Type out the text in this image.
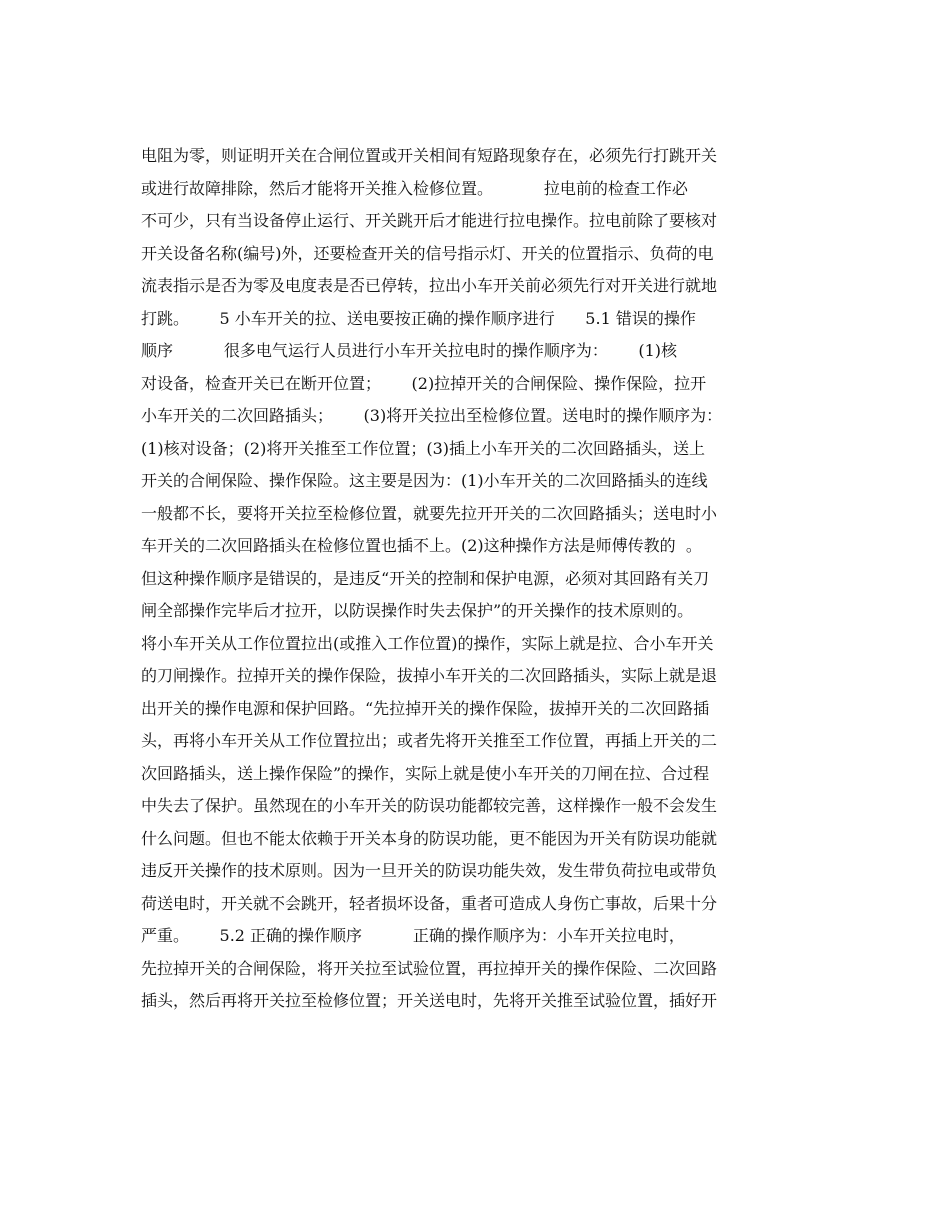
电阻为零，则证明开关在合闸位置或开关相间有短路现象存在，必须先行打跳开关
或进行故障排除，然后才能将开关推入检修位置。          拉电前的检查工作必
不可少，只有当设备停止运行、开关跳开后才能进行拉电操作。拉电前除了要核对
开关设备名称(编号)外，还要检查开关的信号指示灯、开关的位置指示、负荷的电
流表指示是否为零及电度表是否已停转，拉出小车开关前必须先行对开关进行就地
打跳。      5 小车开关的拉、送电要按正确的操作顺序进行      5.1 错误的操作
顺序          很多电气运行人员进行小车开关拉电时的操作顺序为：      (1)核
对设备，检查开关已在断开位置；      (2)拉掉开关的合闸保险、操作保险，拉开
小车开关的二次回路插头；      (3)将开关拉出至检修位置。送电时的操作顺序为：
(1)核对设备；(2)将开关推至工作位置；(3)插上小车开关的二次回路插头，送上
开关的合闸保险、操作保险。这主要是因为：(1)小车开关的二次回路插头的连线
一般都不长，要将开关拉至检修位置，就要先拉开开关的二次回路插头；送电时小
车开关的二次回路插头在检修位置也插不上。(2)这种操作方法是师傅传教的  。
但这种操作顺序是错误的，是违反“开关的控制和保护电源，必须对其回路有关刀
闸全部操作完毕后才拉开，以防误操作时失去保护”的开关操作的技术原则的。
将小车开关从工作位置拉出(或推入工作位置)的操作，实际上就是拉、合小车开关
的刀闸操作。拉掉开关的操作保险，拔掉小车开关的二次回路插头，实际上就是退
出开关的操作电源和保护回路。“先拉掉开关的操作保险，拔掉开关的二次回路插
头，再将小车开关从工作位置拉出；或者先将开关推至工作位置，再插上开关的二
次回路插头，送上操作保险”的操作，实际上就是使小车开关的刀闸在拉、合过程
中失去了保护。虽然现在的小车开关的防误功能都较完善，这样操作一般不会发生
什么问题。但也不能太依赖于开关本身的防误功能，更不能因为开关有防误功能就
违反开关操作的技术原则。因为一旦开关的防误功能失效，发生带负荷拉电或带负
荷送电时，开关就不会跳开，轻者损坏设备，重者可造成人身伤亡事故，后果十分
严重。      5.2 正确的操作顺序          正确的操作顺序为：小车开关拉电时，
先拉掉开关的合闸保险，将开关拉至试验位置，再拉掉开关的操作保险、二次回路
插头，然后再将开关拉至检修位置；开关送电时，先将开关推至试验位置，插好开
